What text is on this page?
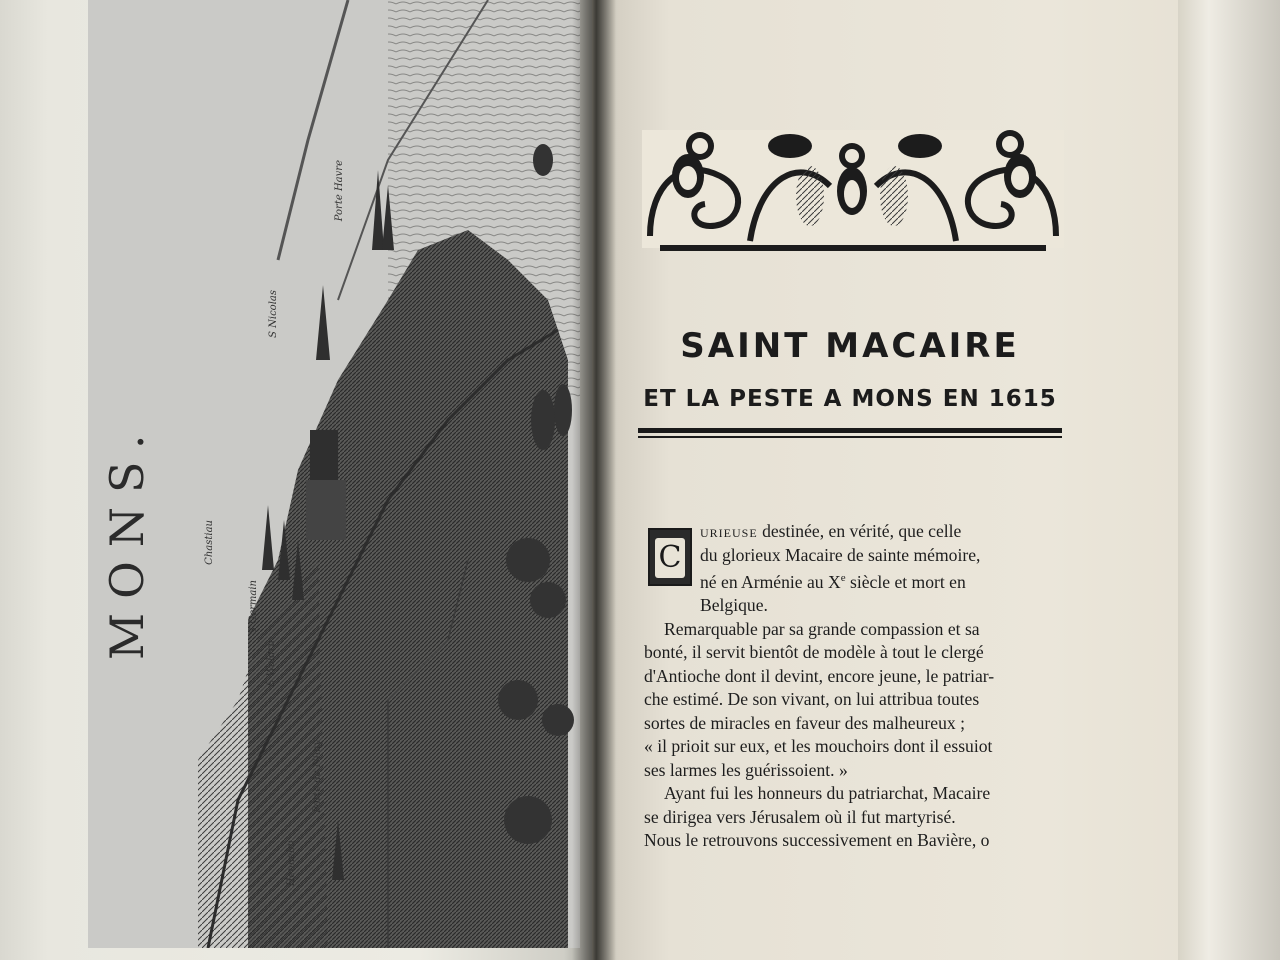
MONS.
Porte Havre
S Nicolas
Chastiau
S Germain
S Waldru
Porte de Nimy
Hennebu
SAINT MACAIRE
ET LA PESTE A MONS EN 1615
C

urieuse destinée, en vérité, que celle
du glorieux Macaire de sainte mémoire,
né en Arménie au Xe siècle et mort en
Belgique.

Remarquable par sa grande compassion et sa
bonté, il servit bientôt de modèle à tout le clergé
d'Antioche dont il devint, encore jeune, le patriar-
che estimé. De son vivant, on lui attribua toutes
sortes de miracles en faveur des malheureux ;
« il prioit sur eux, et les mouchoirs dont il essuiot
ses larmes les guérissoient. »

Ayant fui les honneurs du patriarchat, Macaire
se dirigea vers Jérusalem où il fut martyrisé.
Nous le retrouvons successivement en Bavière, o
